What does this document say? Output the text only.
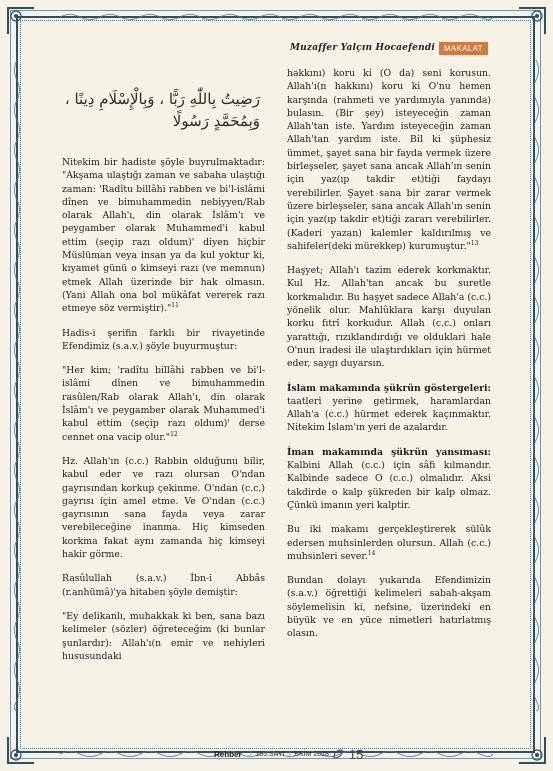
Muzaffer Yalçın Hocaefendi	MAKALAT
رَضِيتُ بِاللّٰهِ رَبًّا ، وَبِالْإِسْلَامِ دِينًا ، وَبِمُحَمَّدٍ رَسُولًا

Nitekim bir hadiste şöyle buyrulmaktadır: "Akşama ulaştığı zaman ve sabaha ulaştığı zaman: 'Radîtu billâhi rabben ve bi'l-islâmi dînen ve bimuhammedin nebiyyen/Rab olarak Allah'ı, din olarak İslâm'ı ve peygamber olarak Muhammed'i kabul ettim (seçip razı oldum)' diyen hiçbir Müslüman veya insan ya da kul yoktur ki, kıyamet günü o kimseyi razı (ve memnun) etmek Allah üzerinde bir hak olmasın. (Yani Allah ona bol mükâfat vererek razı etmeye söz vermiştir)."$^{11}$

Hadis-i şerifin farklı bir rivayetinde Efendimiz (s.a.v.) şöyle buyurmuştur:

"Her kim; 'radîtu billâhi rabben ve bi'l-islâmi dînen ve bimuhammedin rasûlen/Rab olarak Allah'ı, din olarak İslâm'ı ve peygamber olarak Muhammed'i kabul ettim (seçip razı oldum)' derse cennet ona vacip olur."$^{12}$

Hz. Allah'ın (c.c.) Rabbin olduğunu bilir, kabul eder ve razı olursan O'ndan gayrısından korkup çekinme. O'ndan (c.c.) gayrısı için amel etme. Ve O'ndan (c.c.) gayrısının sana fayda veya zarar verebileceğine inanma. Hiç kimseden korkma fakat aynı zamanda hiç kimseyi hakir görme.

Rasûlullah (s.a.v.) İbn-i Abbâs (r.anhümâ)'ya hitaben şöyle demiştir:

"Ey delikanlı, muhakkak ki ben, sana bazı kelimeler (sözler) öğreteceğim (ki bunlar şunlardır): Allah'ı(n emir ve nehiyleri hususundaki

hakkını) koru ki (O da) seni korusun. Allah'ı(n hakkını) koru ki O'nu hemen karşında (rahmeti ve yardımıyla yanında) bulasın. (Bir şey) isteyeceğin zaman Allah'tan iste. Yardım isteyeceğin zaman Allah'tan yardım iste. Bil ki şüphesiz ümmet, şayet sana bir fayda vermek üzere birleşseler, şayet sana ancak Allah'ın senin için yaz(ıp takdir et)tiği faydayı verebilirler. Şayet sana bir zarar vermek üzere birleşseler, sana ancak Allah'ın senin için yaz(ıp takdir et)tiği zararı verebilirler. (Kaderi yazan) kalemler kaldırılmış ve sahifeler(deki mürekkep) kurumuştur."$^{13}$

Haşyet; Allah'ı tazim ederek korkmaktır. Kul Hz. Allah'tan ancak bu suretle korkmalıdır. Bu haşyet sadece Allah'a (c.c.) yönelik olur. Mahlûklara karşı duyulan korku fıtrî korkudur. Allah (c.c.) onları yarattığı, rızıklandırdığı ve olduklari hale O'nun iradesi ile ulaştırdıkları için hürmet eder, saygı duyarsın.

İslam makamında şükrün göstergeleri: taatleri yerine getirmek, haramlardan Allah'a (c.c.) hürmet ederek kaçınmaktır. Nitekim İslam'ın yeri de azalardır.

İman makamında şükrün yansıması: Kalbini Allah (c.c.) için sâfi kılmandır. Kalbinde sadece O (c.c.) olmalıdır. Aksi takdirde o kalp şükreden bir kalp olmaz. Çünkü imanın yeri kalptir.

Bu iki makamı gerçekleştirerek sülûk edersen muhsinlerden olursun. Allah (c.c.) muhsinleri sever.$^{14}$

Bundan dolayı yukarıda Efendimizin (s.a.v.) öğrettiği kelimeleri sabah-akşam söylemelisin ki, nefsine, üzerindeki en büyük ve en yüce nimetleri hatırlatmış olasın.

Rehber | 165.SAYI | EKİM 2018 15
